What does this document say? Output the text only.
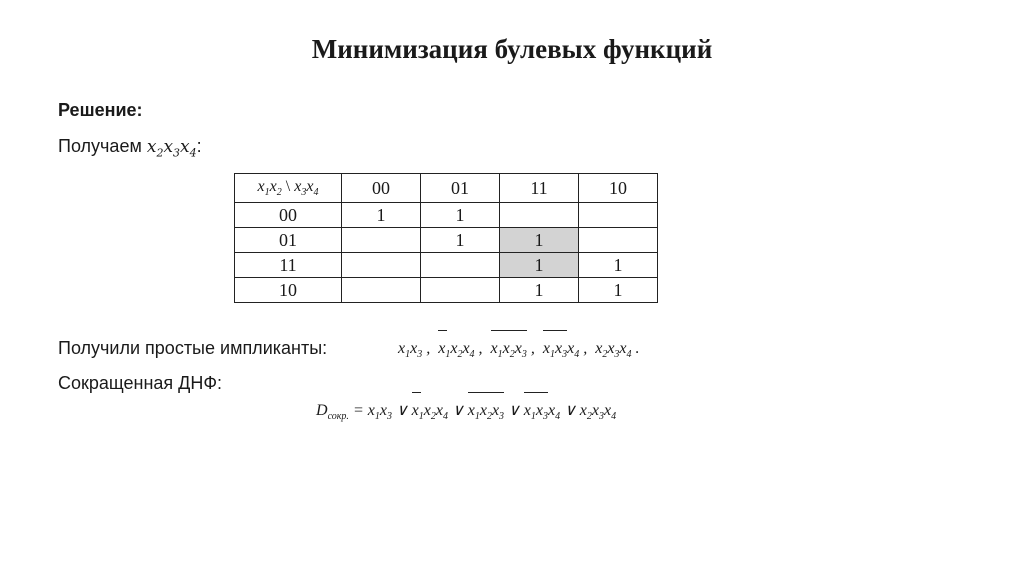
Минимизация булевых функций
Решение:
Получаем $x_2x_3x_4$:
$x_1x_2$ \ $x_3x_4$	00	01	11	10
00	1	1		
01		1	1	
11			1	1
10			1	1
Получили простые импликанты:	$x_1x_3$ ,
$x_1x_2x_4$ ,
$x_1x_2x_3$ ,
$x_1x_3x_4$ ,  $x_2x_3x_4$ .
Сокращенная ДНФ:
$D_{сокр.} = x_1x_3$ ∨
$x_1x_2x_4$ ∨
$x_1x_2x_3$ ∨
$x_1x_3x_4$ ∨ $x_2x_3x_4$
